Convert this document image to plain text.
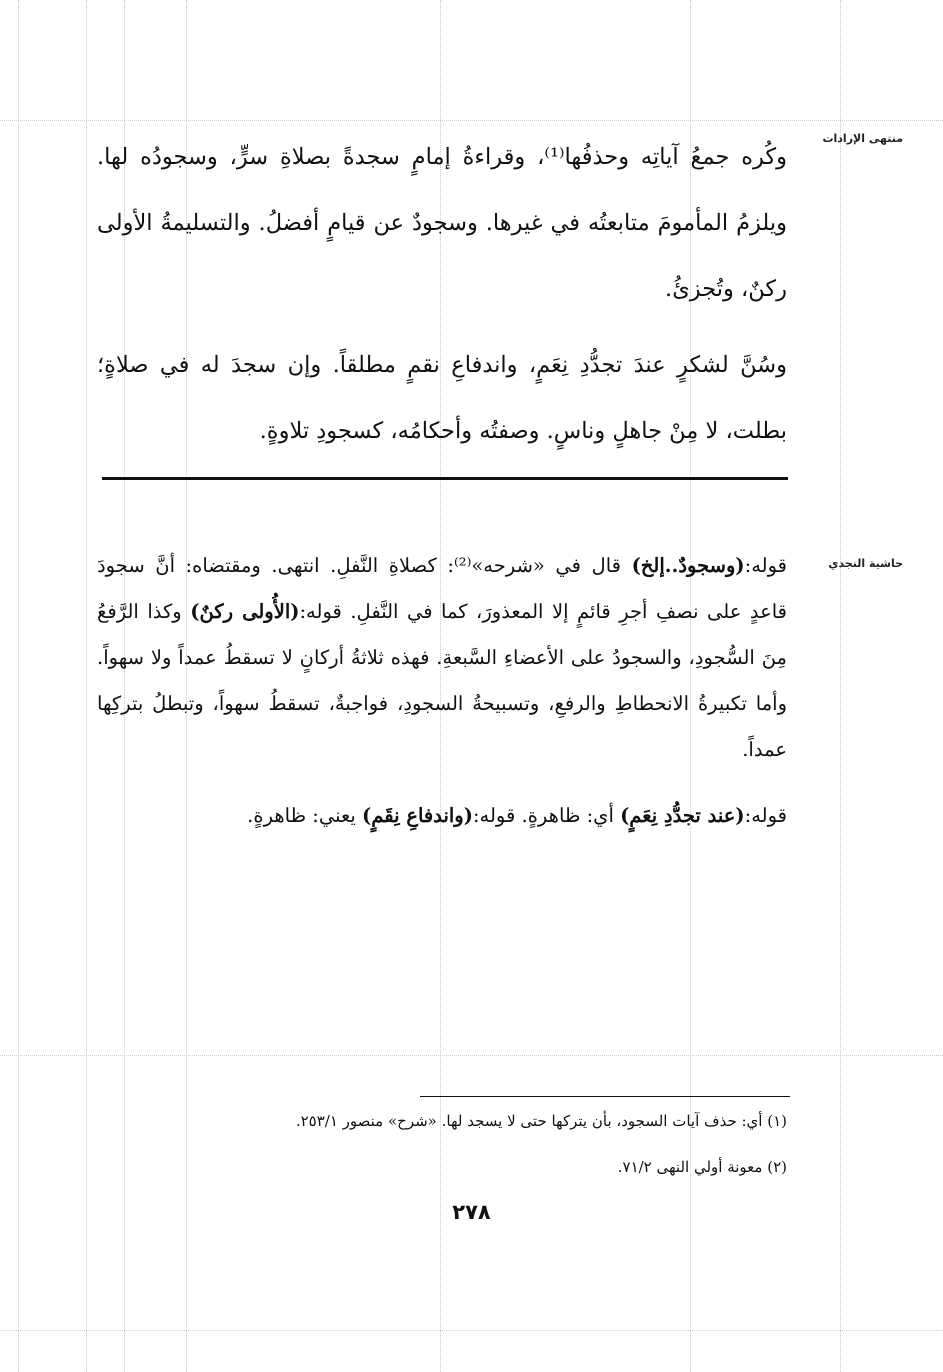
منتهى الإرادات
حاشية النجدي

وكُره جمعُ آياتِه وحذفُها⁽¹⁾، وقراءةُ إمامٍ سجدةً بصلاةِ سرٍّ، وسجودُه لها. ويلزمُ المأمومَ متابعتُه في غيرها. وسجودٌ عن قيامٍ أفضلُ. والتسليمةُ الأولى ركنٌ، وتُجزئُ.

وسُنَّ لشكرٍ عندَ تجدُّدِ نِعَمٍ، واندفاعِ نقمٍ مطلقاً. وإن سجدَ له في صلاةٍ؛ بطلت، لا مِنْ جاهلٍ وناسٍ. وصفتُه وأحكامُه، كسجودِ تلاوةٍ.

قوله:(وسجودٌ..إلخ) قال في «شرحه»⁽²⁾: كصلاةِ النَّفلِ. انتهى. ومقتضاه: أنَّ سجودَ قاعدٍ على نصفِ أجرِ قائمٍ إلا المعذورَ، كما في النَّفلِ. قوله:(الأُولى ركنٌ) وكذا الرَّفعُ مِنَ السُّجودِ، والسجودُ على الأعضاءِ السَّبعةِ. فهذه ثلاثةُ أركانٍ لا تسقطُ عمداً ولا سهواً. وأما تكبيرةُ الانحطاطِ والرفعِ، وتسبيحةُ السجودِ، فواجبةٌ، تسقطُ سهواً، وتبطلُ بتركِها عمداً.

قوله:(عند تجدُّدِ نِعَمٍ) أي: ظاهرةٍ. قوله:(واندفاعِ نِقَمٍ) يعني: ظاهرةٍ.

(١) أي: حذف آيات السجود، بأن يتركها حتى لا يسجد لها. «شرح» منصور ٢٥٣/١.

(٢) معونة أولي النهى ٧١/٢.

٢٧٨
